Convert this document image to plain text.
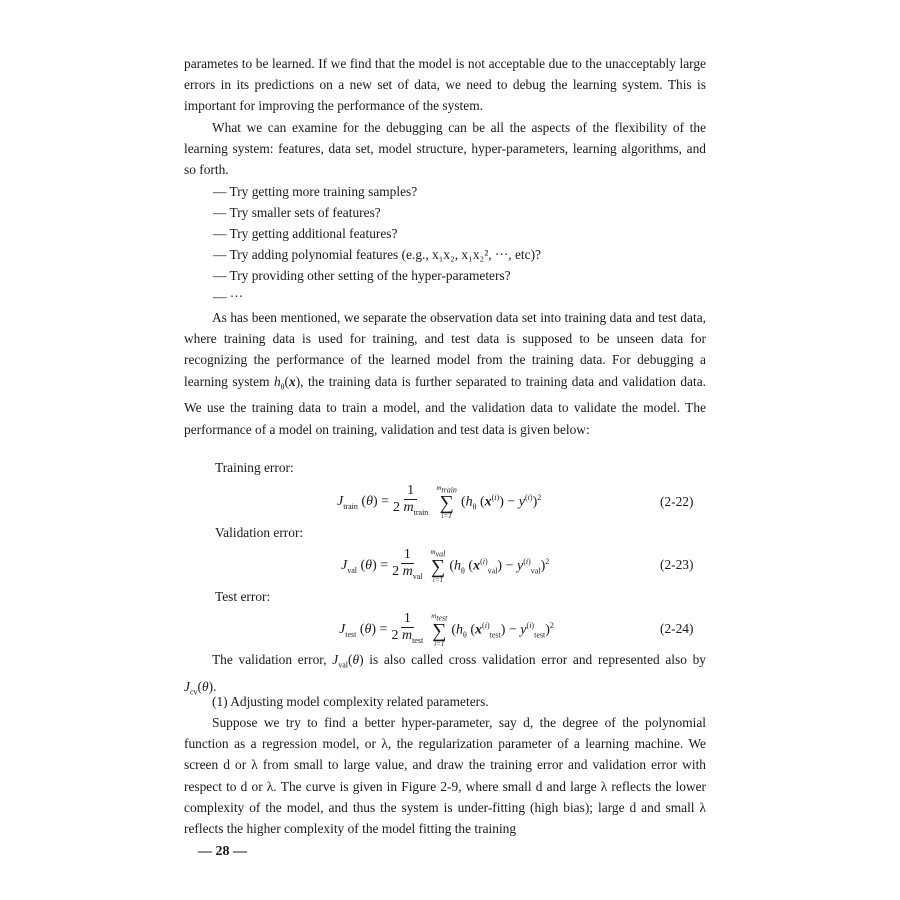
parametes to be learned. If we find that the model is not acceptable due to the unacceptably large errors in its predictions on a new set of data, we need to debug the learning system. This is important for improving the performance of the system.
What we can examine for the debugging can be all the aspects of the flexibility of the learning system: features, data set, model structure, hyper-parameters, learning algorithms, and so forth.
— Try getting more training samples?
— Try smaller sets of features?
— Try getting additional features?
— Try adding polynomial features (e.g., x₁x₂, x₁x₂², ···, etc)?
— Try providing other setting of the hyper-parameters?
— ···
As has been mentioned, we separate the observation data set into training data and test data, where training data is used for training, and test data is supposed to be unseen data for recognizing the performance of the learned model from the training data. For debugging a learning system $h_\theta(x)$, the training data is further separated to training data and validation data. We use the training data to train a model, and the validation data to validate the model. The performance of a model on training, validation and test data is given below:
Training error:
$J_{train}$ $(\theta) = \frac{1}{2 m_{train}} m_{train}$
∑
i=1
($h_\theta$ $(x^{(i)}) - y^{(i)})^2$	(2-22)
Validation error:
$J_{val}$ $(\theta) = \frac{1}{2 m_{val}} m_{val}$
∑
i=1
($h_\theta$ $(x^{(i)}_{val}) - y^{(i)}_{val})^2$	(2-23)
Test error:
$J_{test}$ $(\theta) = \frac{1}{2 m_{test}} m_{test}$
∑
i=1
($h_\theta$ $(x^{(i)}_{test}) - y^{(i)}_{test})^2$	(2-24)
The validation error, $J_{val}(\theta)$ is also called cross validation error and represented also by $J_{cv}(\theta)$.
(1) Adjusting model complexity related parameters.
Suppose we try to find a better hyper-parameter, say d, the degree of the polynomial function as a regression model, or λ, the regularization parameter of a learning machine. We screen d or λ from small to large value, and draw the training error and validation error with respect to d or λ. The curve is given in Figure 2-9, where small d and large λ reflects the lower complexity of the model, and thus the system is under-fitting (high bias); large d and small λ reflects the higher complexity of the model fitting the training
— 28 —
